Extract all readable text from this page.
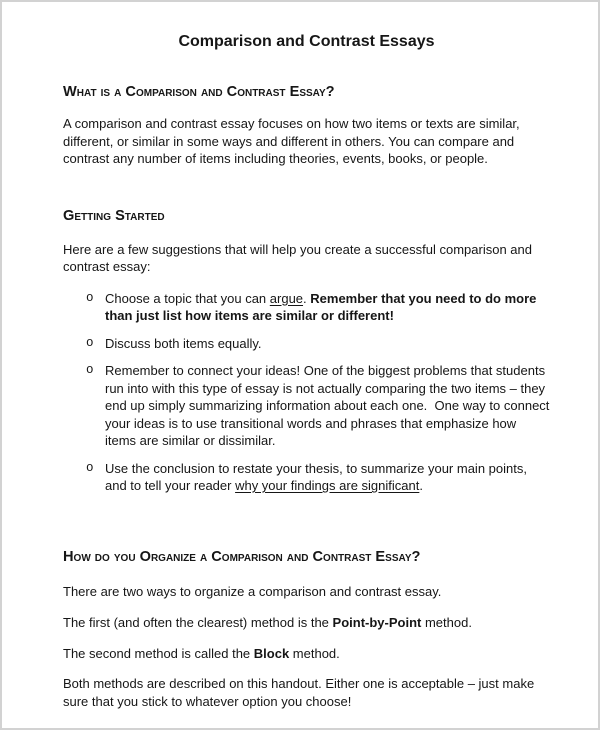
Comparison and Contrast Essays
What is a Comparison and Contrast Essay?

A comparison and contrast essay focuses on how two items or texts are similar, different, or similar in some ways and different in others. You can compare and contrast any number of items including theories, events, books, or people.

Getting Started

Here are a few suggestions that will help you create a successful comparison and contrast essay:

o Choose a topic that you can argue. Remember that you need to do more than just list how items are similar or different!
o Discuss both items equally.
o Remember to connect your ideas! One of the biggest problems that students run into with this type of essay is not actually comparing the two items – they end up simply summarizing information about each one.  One way to connect your ideas is to use transitional words and phrases that emphasize how items are similar or dissimilar.
o Use the conclusion to restate your thesis, to summarize your main points, and to tell your reader why your findings are significant.
How do you Organize a Comparison and Contrast Essay?

There are two ways to organize a comparison and contrast essay.

The first (and often the clearest) method is the Point-by-Point method.

The second method is called the Block method.

Both methods are described on this handout. Either one is acceptable – just make sure that you stick to whatever option you choose!
